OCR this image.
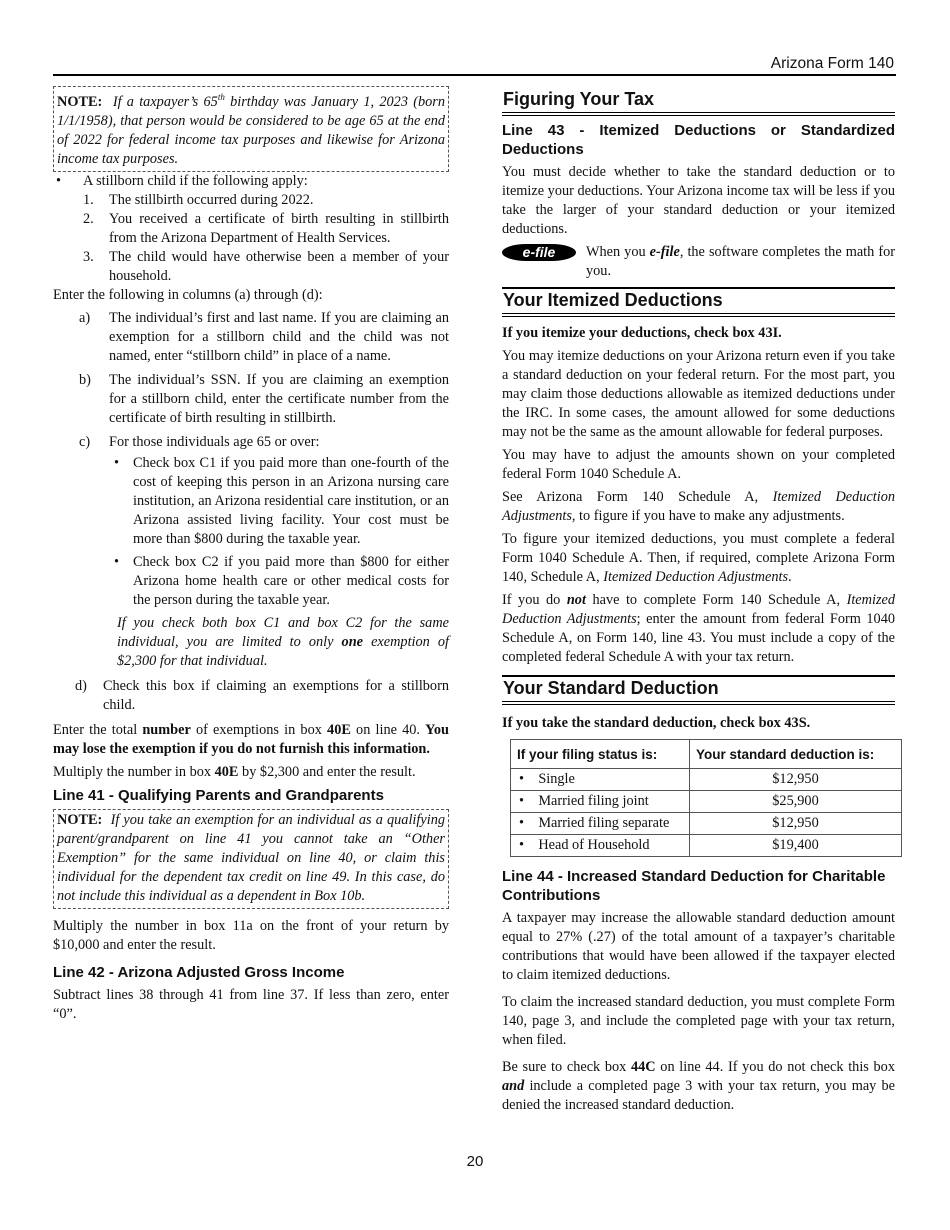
Arizona Form 140
NOTE: If a taxpayer’s 65th birthday was January 1, 2023 (born 1/1/1958), that person would be considered to be age 65 at the end of 2022 for federal income tax purposes and likewise for Arizona income tax purposes.
• A stillborn child if the following apply:
1. The stillbirth occurred during 2022.
2. You received a certificate of birth resulting in stillbirth from the Arizona Department of Health Services.
3. The child would have otherwise been a member of your household.

Enter the following in columns (a) through (d):

a) The individual’s first and last name. If you are claiming an exemption for a stillborn child and the child was not named, enter “stillborn child” in place of a name.
b) The individual’s SSN. If you are claiming an exemption for a stillborn child, enter the certificate number from the certificate of birth resulting in stillbirth.
c) For those individuals age 65 or over:
• Check box C1 if you paid more than one-fourth of the cost of keeping this person in an Arizona nursing care institution, an Arizona residential care institution, or an Arizona assisted living facility. Your cost must be more than $800 during the taxable year.
• Check box C2 if you paid more than $800 for either Arizona home health care or other medical costs for the person during the taxable year.
If you check both box C1 and box C2 for the same individual, you are limited to only one exemption of $2,300 for that individual.
d) Check this box if claiming an exemptions for a stillborn child.

Enter the total number of exemptions in box 40E on line 40. You may lose the exemption if you do not furnish this information.

Multiply the number in box 40E by $2,300 and enter the result.

Line 41 - Qualifying Parents and Grandparents
NOTE: If you take an exemption for an individual as a qualifying parent/grandparent on line 41 you cannot take an “Other Exemption” for the same individual on line 40, or claim this individual for the dependent tax credit on line 49. In this case, do not include this individual as a dependent in Box 10b.

Multiply the number in box 11a on the front of your return by $10,000 and enter the result.

Line 42 - Arizona Adjusted Gross Income

Subtract lines 38 through 41 from line 37. If less than zero, enter “0”.

Figuring Your Tax
Line 43 - Itemized Deductions or Standardized Deductions

You must decide whether to take the standard deduction or to itemize your deductions. Your Arizona income tax will be less if you take the larger of your standard deduction or your itemized deductions.

e-file	When you e-file, the software completes the math for you.
Your Itemized Deductions

If you itemize your deductions, check box 43I.

You may itemize deductions on your Arizona return even if you take a standard deduction on your federal return. For the most part, you may claim those deductions allowable as itemized deductions under the IRC. In some cases, the amount allowed for some deductions may not be the same as the amount allowable for federal purposes.

You may have to adjust the amounts shown on your completed federal Form 1040 Schedule A.

See Arizona Form 140 Schedule A, Itemized Deduction Adjustments, to figure if you have to make any adjustments.

To figure your itemized deductions, you must complete a federal Form 1040 Schedule A. Then, if required, complete Arizona Form 140, Schedule A, Itemized Deduction Adjustments.

If you do not have to complete Form 140 Schedule A, Itemized Deduction Adjustments; enter the amount from federal Form 1040 Schedule A, on Form 140, line 43. You must include a copy of the completed federal Schedule A with your tax return.

Your Standard Deduction

If you take the standard deduction, check box 43S.

If your filing status is:	Your standard deduction is:
•    Single	$12,950
•    Married filing joint	$25,900
•    Married filing separate	$12,950
•    Head of Household	$19,400
Line 44 - Increased Standard Deduction for Charitable Contributions

A taxpayer may increase the allowable standard deduction amount equal to 27% (.27) of the total amount of a taxpayer’s charitable contributions that would have been allowed if the taxpayer elected to claim itemized deductions.

To claim the increased standard deduction, you must complete Form 140, page 3, and include the completed page with your tax return, when filed.

Be sure to check box 44C on line 44. If you do not check this box and include a completed page 3 with your tax return, you may be denied the increased standard deduction.

20
